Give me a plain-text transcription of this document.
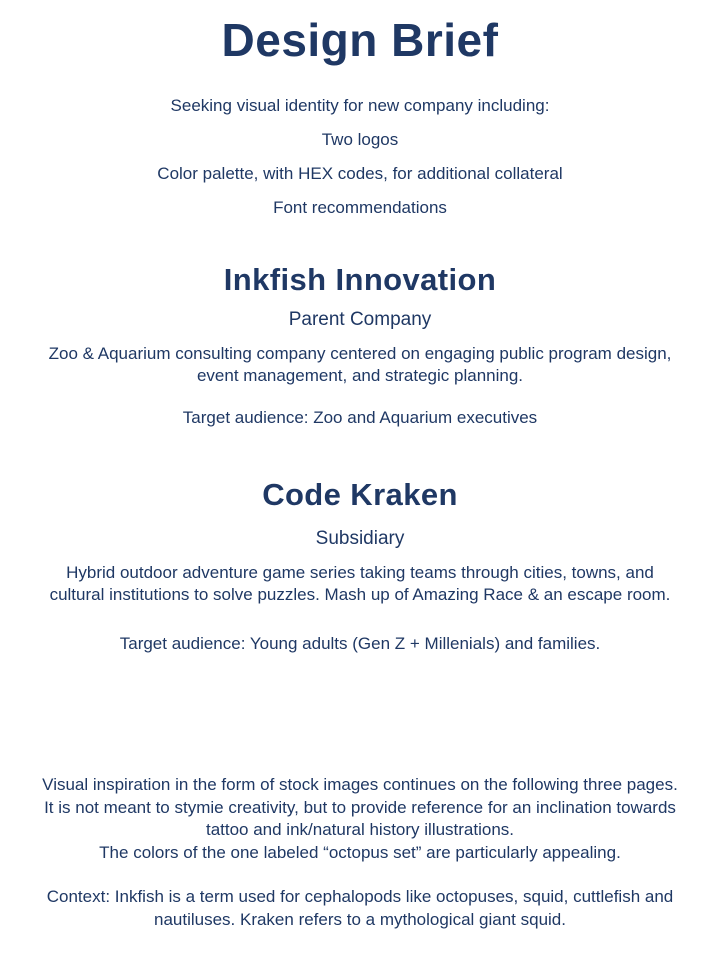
Design Brief
Seeking visual identity for new company including:
Two logos
Color palette, with HEX codes, for additional collateral
Font recommendations
Inkfish Innovation
Parent Company
Zoo & Aquarium consulting company centered on engaging public program design,
event management, and strategic planning.
Target audience: Zoo and Aquarium executives
Code Kraken
Subsidiary
Hybrid outdoor adventure game series taking teams through cities, towns, and
cultural institutions to solve puzzles. Mash up of Amazing Race & an escape room.
Target audience: Young adults (Gen Z + Millenials) and families.
Visual inspiration in the form of stock images continues on the following three pages.
It is not meant to stymie creativity, but to provide reference for an inclination towards
tattoo and ink/natural history illustrations.
The colors of the one labeled “octopus set” are particularly appealing.
Context: Inkfish is a term used for cephalopods like octopuses, squid, cuttlefish and
nautiluses. Kraken refers to a mythological giant squid.
